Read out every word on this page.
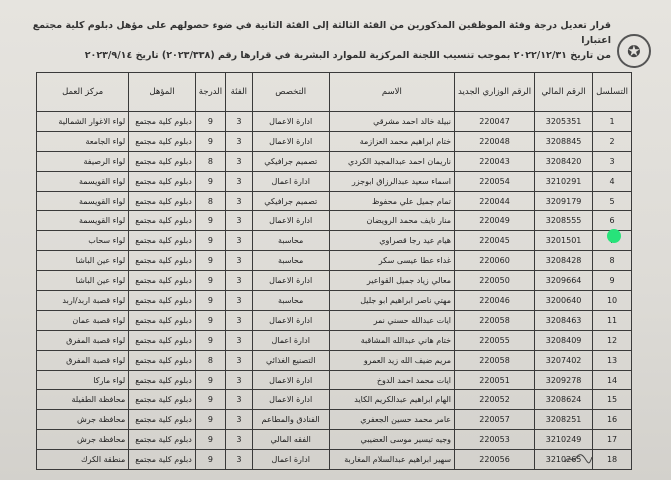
قرار تعديل درجة وفئة الموظفين المذكورين من الفئة الثالثة إلى الفئة الثانية في ضوء حصولهم على مؤهل دبلوم كلية مجتمع اعتبارا
من تاريخ ٢٠٢٢/١٢/٣١ بموجب تنسيب اللجنة المركزية للموارد البشرية في قرارها رقم (٢٠٢٣/٣٣٨) تاريخ ٢٠٢٣/٩/١٤	✪
التسلسل	الرقم المالي	الرقم الوزاري الجديد	الاسم	التخصص	الفئة	الدرجة	المؤهل	مركز العمل
1	3205351	220047	نبيلة خالد احمد مشرقي	ادارة الاعمال	3	9	دبلوم كلية مجتمع	لواء الاغوار الشمالية
2	3208845	220048	ختام ابراهيم محمد العزازمة	ادارة الاعمال	3	9	دبلوم كلية مجتمع	لواء الجامعة
3	3208420	220043	ناريمان احمد عبدالمجيد الكردي	تصميم جرافيكي	3	8	دبلوم كلية مجتمع	لواء الرصيفة
4	3210291	220054	اسماء سعيد عبدالرزاق ابوجزر	ادارة اعمال	3	9	دبلوم كلية مجتمع	لواء القويسمة
5	3209179	220044	تمام جميل علي محفوظ	تصميم جرافيكي	3	8	دبلوم كلية مجتمع	لواء القويسمة
6	3208555	220049	منار نايف محمد الرويضان	ادارة الاعمال	3	9	دبلوم كلية مجتمع	لواء القويسمة
	3201501	220045	هيام عيد رجا قصراوي	محاسبة	3	9	دبلوم كلية مجتمع	لواء سحاب
8	3208428	220060	غداء عطا عيسى سكر	محاسبة	3	9	دبلوم كلية مجتمع	لواء عين الباشا
9	3209664	220050	معالي زياد جميل القواعير	ادارة الاعمال	3	9	دبلوم كلية مجتمع	لواء عين الباشا
10	3200640	220046	مهتي ناصر ابراهيم ابو جليل	محاسبة	3	9	دبلوم كلية مجتمع	لواء قصبة اربد/اربد
11	3208463	220058	ايات عبدالله حسني نمر	ادارة الاعمال	3	9	دبلوم كلية مجتمع	لواء قصبة عمان
12	3208409	220055	ختام هاني عبدالله المشاقبة	ادارة اعمال	3	9	دبلوم كلية مجتمع	لواء قصبة المفرق
13	3207402	220058	مريم ضيف الله زيد العمرو	التصنيع الغذائي	3	8	دبلوم كلية مجتمع	لواء قصبة المفرق
14	3209278	220051	ايات محمد احمد الدوخ	ادارة الاعمال	3	9	دبلوم كلية مجتمع	لواء ماركا
15	3208624	220052	الهام ابراهيم عبدالكريم الكايد	ادارة الاعمال	3	9	دبلوم كلية مجتمع	محافظة الطفيلة
16	3208251	220057	عامر محمد حسين الجعفري	الفنادق والمطاعم	3	9	دبلوم كلية مجتمع	محافظة جرش
17	3210249	220053	وجيه تيسير موسى العضيبي	الفقه المالي	3	9	دبلوم كلية مجتمع	محافظة جرش
18	3210265	220056	سهير ابراهيم عبدالسلام المغاربة	ادارة اعمال	3	9	دبلوم كلية مجتمع	منطقة الكرك
